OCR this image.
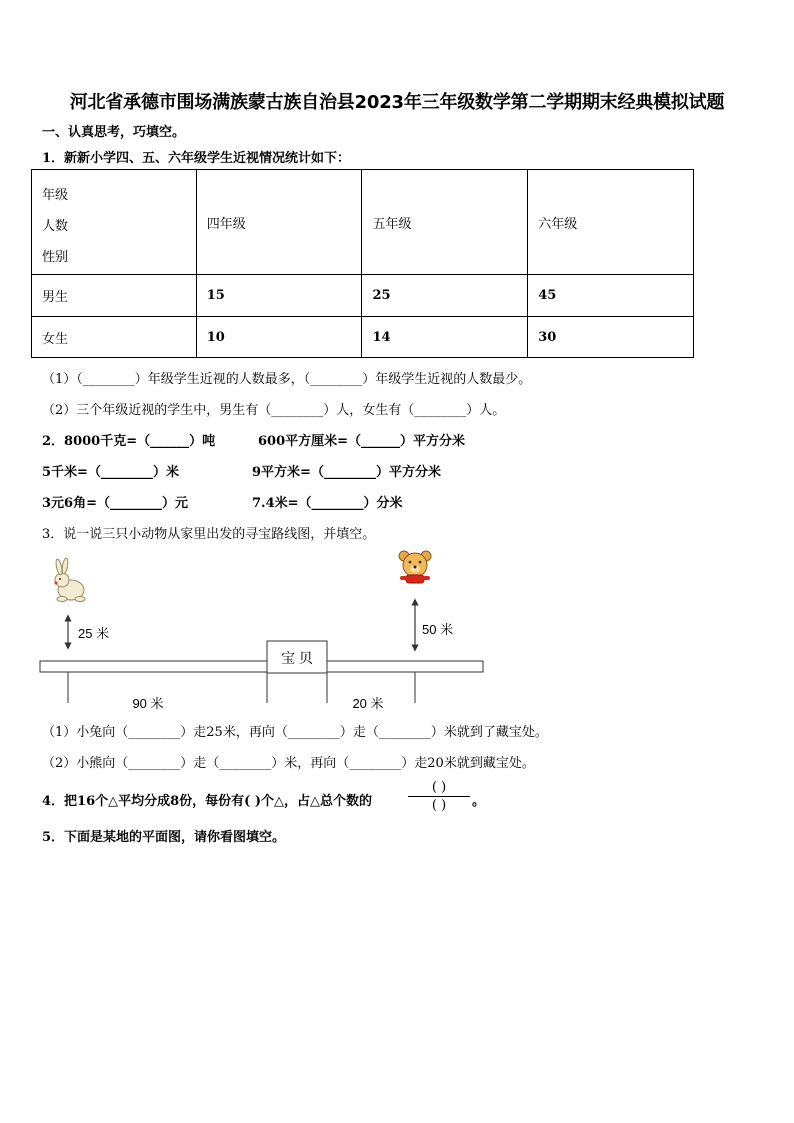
河北省承德市围场满族蒙古族自治县2023年三年级数学第二学期期末经典模拟试题
一、认真思考，巧填空。
1．新新小学四、五、六年级学生近视情况统计如下：
年级
人数
性别	四年级	五年级	六年级
男生	15	25	45
女生	10	14	30
（1）（________）年级学生近视的人数最多，（________）年级学生近视的人数最少。
（2）三个年级近视的学生中，男生有（________）人，女生有（________）人。
2．8000千克=（______）吨	600平方厘米=（______）平方分米
5千米=（________）米	9平方米=（________）平方分米
3元6角=（________）元	7.4米=（________）分米
3．说一说三只小动物从家里出发的寻宝路线图，并填空。
25 米	50 米
宝 贝
90 米	20 米
（1）小兔向（________）走25米，再向（________）走（________）米就到了藏宝处。
（2）小熊向（________）走（________）米，再向（________）走20米就到藏宝处。
4．把16个△平均分成8份，每份有( )个△，占△总个数的
( )
( )	。
5．下面是某地的平面图，请你看图填空。
